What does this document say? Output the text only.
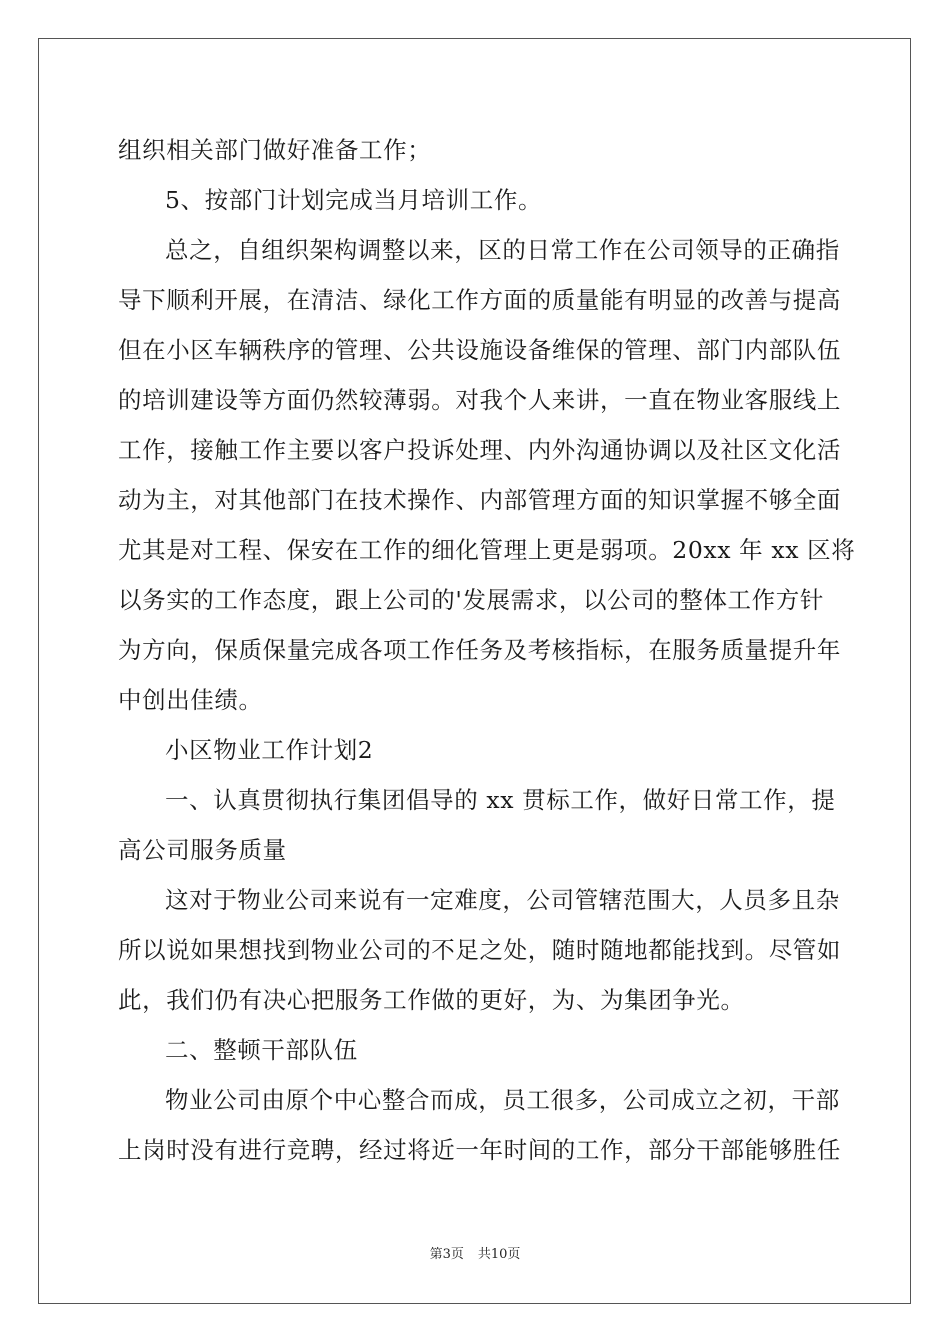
组织相关部门做好准备工作；
5、按部门计划完成当月培训工作。
总之，自组织架构调整以来，区的日常工作在公司领导的正确指
导下顺利开展，在清洁、绿化工作方面的质量能有明显的改善与提高
但在小区车辆秩序的管理、公共设施设备维保的管理、部门内部队伍
的培训建设等方面仍然较薄弱。对我个人来讲，一直在物业客服线上
工作，接触工作主要以客户投诉处理、内外沟通协调以及社区文化活
动为主，对其他部门在技术操作、内部管理方面的知识掌握不够全面
尤其是对工程、保安在工作的细化管理上更是弱项。20xx 年 xx 区将
以务实的工作态度，跟上公司的'发展需求，以公司的整体工作方针
为方向，保质保量完成各项工作任务及考核指标，在服务质量提升年
中创出佳绩。
小区物业工作计划2
一、认真贯彻执行集团倡导的 xx 贯标工作，做好日常工作，提
高公司服务质量
这对于物业公司来说有一定难度，公司管辖范围大，人员多且杂
所以说如果想找到物业公司的不足之处，随时随地都能找到。尽管如
此，我们仍有决心把服务工作做的更好，为、为集团争光。
二、整顿干部队伍
物业公司由原个中心整合而成，员工很多，公司成立之初，干部
上岗时没有进行竞聘，经过将近一年时间的工作，部分干部能够胜任
第3页 共10页
